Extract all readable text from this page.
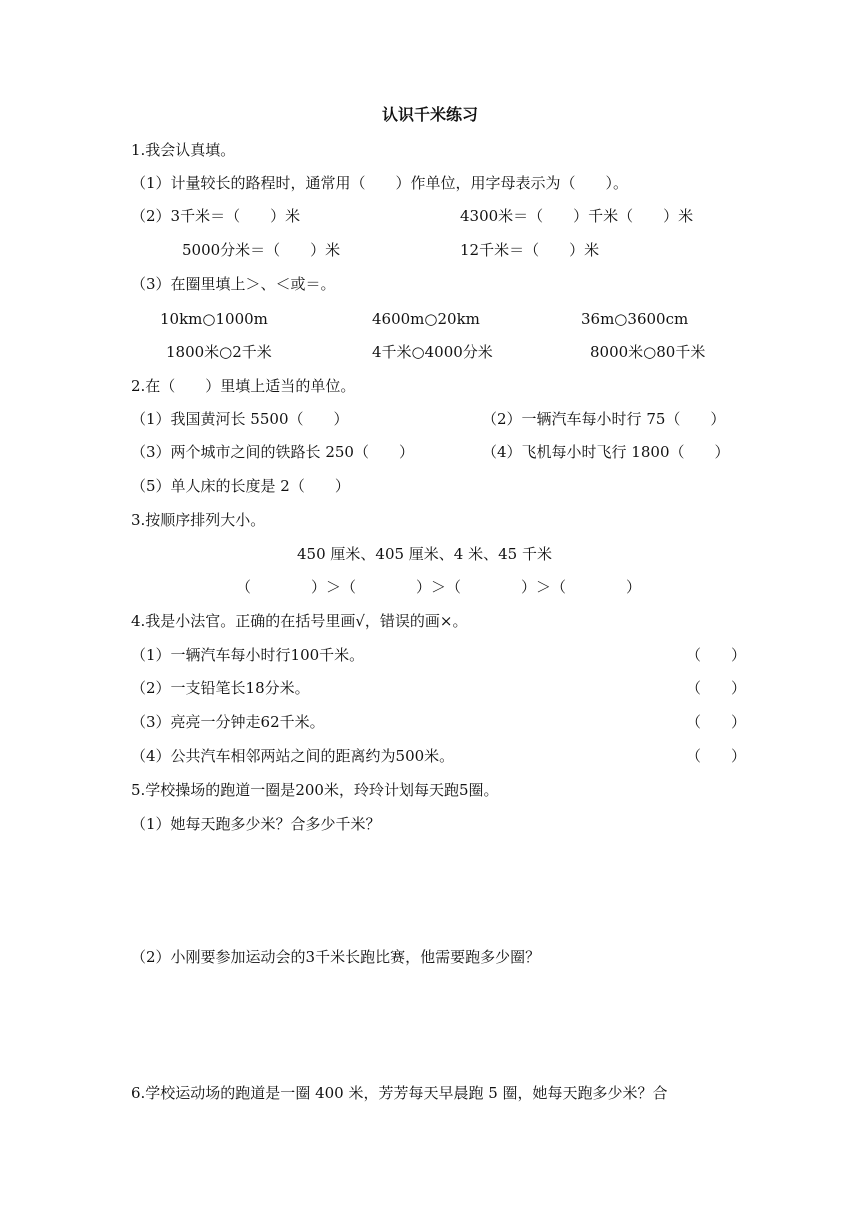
认识千米练习
1.我会认真填。
（1）计量较长的路程时，通常用（　　）作单位，用字母表示为（　　）。
（2）3千米＝（　　）米	4300米＝（　　）千米（　　）米
5000分米＝（　　）米	12千米＝（　　）米
（3）在圈里填上＞、＜或＝。
10km○1000m	4600m○20km	36m○3600cm
1800米○2千米	4千米○4000分米	8000米○80千米
2.在（　　）里填上适当的单位。
（1）我国黄河长 5500（　　）	（2）一辆汽车每小时行 75（　　）
（3）两个城市之间的铁路长 250（　　）	（4）飞机每小时飞行 1800（　　）
（5）单人床的长度是 2（　　）
3.按顺序排列大小。
450 厘米、405 厘米、4 米、45 千米
（　　　　）＞（　　　　）＞（　　　　）＞（　　　　）
4.我是小法官。正确的在括号里画√，错误的画×。
（1）一辆汽车每小时行100千米。	（　　）
（2）一支铅笔长18分米。	（　　）
（3）亮亮一分钟走62千米。	（　　）
（4）公共汽车相邻两站之间的距离约为500米。	（　　）
5.学校操场的跑道一圈是200米，玲玲计划每天跑5圈。
（1）她每天跑多少米？合多少千米？
（2）小刚要参加运动会的3千米长跑比赛，他需要跑多少圈？
6.学校运动场的跑道是一圈 400 米，芳芳每天早晨跑 5 圈，她每天跑多少米？合
